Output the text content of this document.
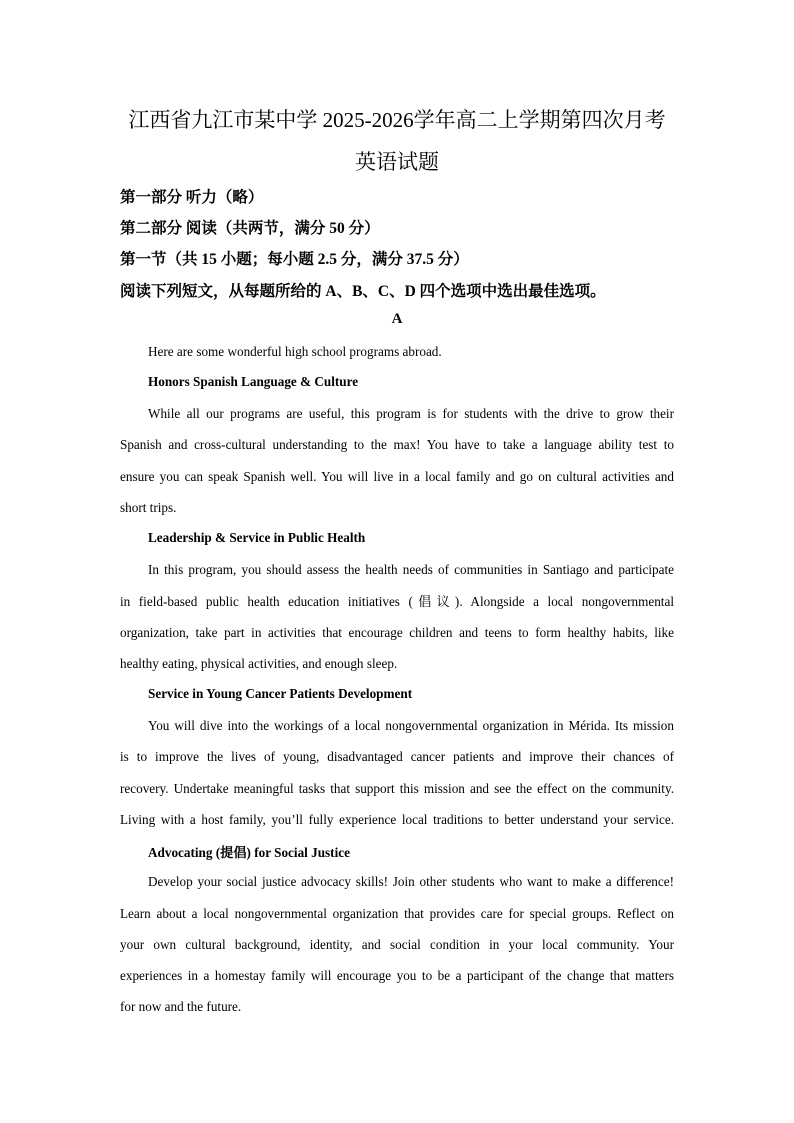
江西省九江市某中学 2025-2026学年高二上学期第四次月考
英语试题
第一部分 听力（略）
第二部分 阅读（共两节，满分 50 分）
第一节（共 15 小题；每小题 2.5 分，满分 37.5 分）
阅读下列短文，从每题所给的 A、B、C、D 四个选项中选出最佳选项。
A
Here are some wonderful high school programs abroad.
Honors Spanish Language & Culture
While all our programs are useful, this program is for students with the drive to grow their
Spanish and cross-cultural understanding to the max! You have to take a language ability test to
ensure you can speak Spanish well. You will live in a local family and go on cultural activities and
short trips.
Leadership & Service in Public Health
In this program, you should assess the health needs of communities in Santiago and participate
in field-based public health education initiatives (倡议). Alongside a local nongovernmental
organization, take part in activities that encourage children and teens to form healthy habits, like
healthy eating, physical activities, and enough sleep.
Service in Young Cancer Patients Development
You will dive into the workings of a local nongovernmental organization in Mérida. Its mission
is to improve the lives of young, disadvantaged cancer patients and improve their chances of
recovery. Undertake meaningful tasks that support this mission and see the effect on the community.
Living with a host family, you’ll fully experience local traditions to better understand your service.
Advocating (提倡) for Social Justice
Develop your social justice advocacy skills! Join other students who want to make a difference!
Learn about a local nongovernmental organization that provides care for special groups. Reflect on
your own cultural background, identity, and social condition in your local community. Your
experiences in a homestay family will encourage you to be a participant of the change that matters
for now and the future.
